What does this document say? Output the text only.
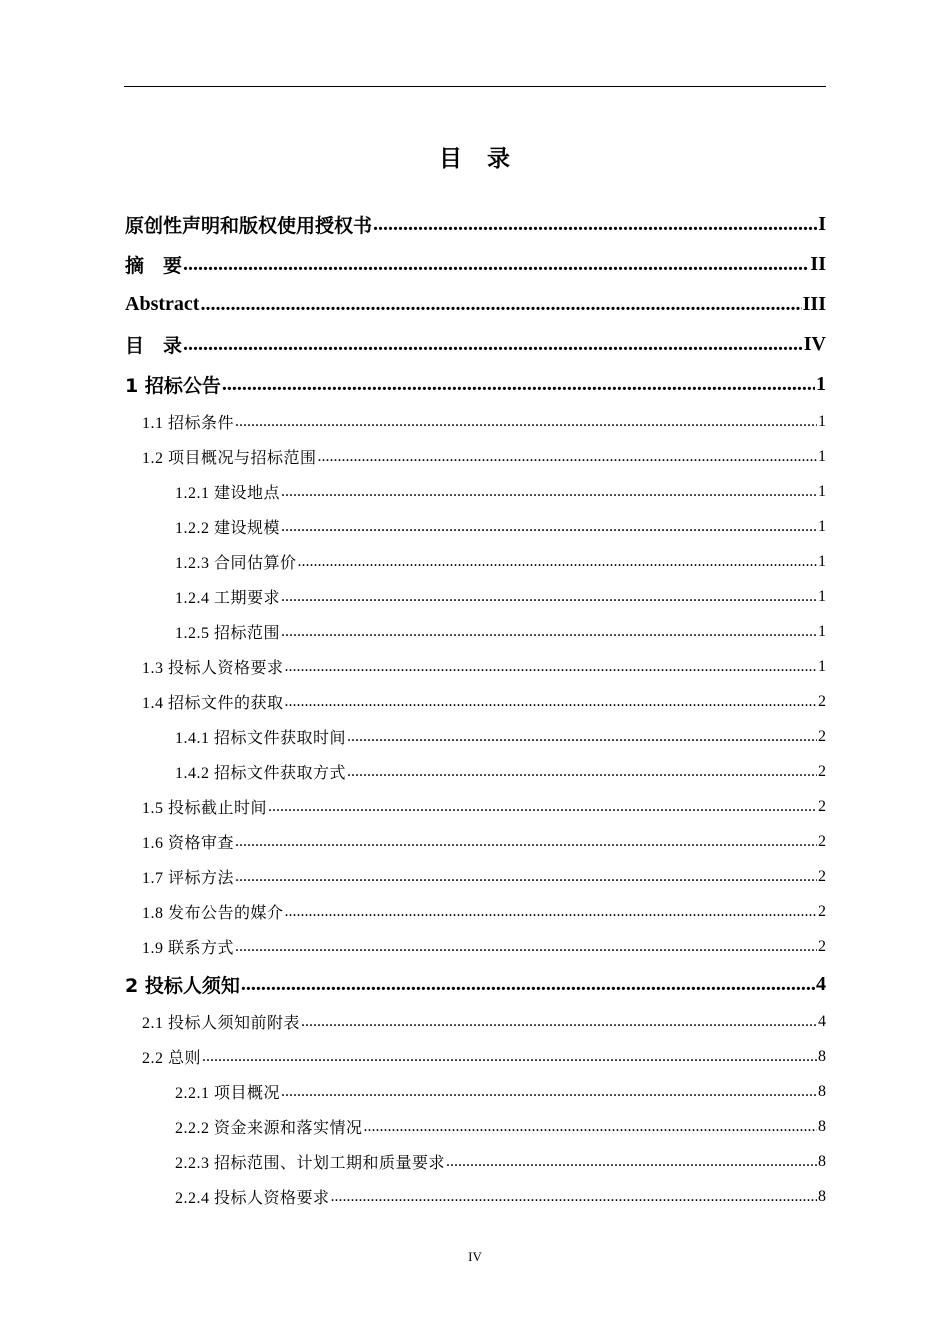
目　录
原创性声明和版权使用授权书 .....	I
摘　要 .....	II
Abstract .....	III
目　录 .....	IV
1 招标公告 .....	1
1.1 招标条件 .....	1
1.2 项目概况与招标范围 .....	1
1.2.1 建设地点 .....	1
1.2.2 建设规模 .....	1
1.2.3 合同估算价 .....	1
1.2.4 工期要求 .....	1
1.2.5 招标范围 .....	1
1.3 投标人资格要求 .....	1
1.4 招标文件的获取 .....	2
1.4.1 招标文件获取时间 .....	2
1.4.2 招标文件获取方式 .....	2
1.5 投标截止时间 .....	2
1.6 资格审查 .....	2
1.7 评标方法 .....	2
1.8 发布公告的媒介 .....	2
1.9 联系方式 .....	2
2 投标人须知 .....	4
2.1 投标人须知前附表 .....	4
2.2 总则 .....	8
2.2.1 项目概况 .....	8
2.2.2 资金来源和落实情况 .....	8
2.2.3 招标范围、计划工期和质量要求 .....	8
2.2.4 投标人资格要求 .....	8
IV
